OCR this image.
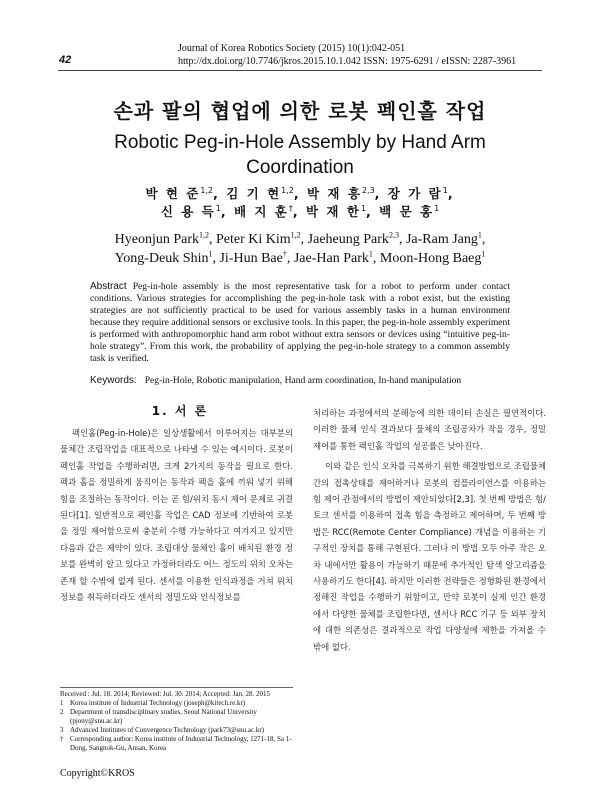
42
Journal of Korea Robotics Society (2015) 10(1):042-051
http://dx.doi.org/10.7746/jkros.2015.10.1.042 ISSN: 1975-6291 / eISSN: 2287-3961
손과 팔의 협업에 의한 로봇 펙인홀 작업
Robotic Peg-in-Hole Assembly by Hand Arm Coordination
박 현 준$^{1,2}$, 김 기 현$^{1,2}$, 박 재 흥$^{2,3}$, 장 가 람$^1$,
신 용 득$^1$, 배 지 훈†, 박 재 한$^1$, 백 문 홍$^1$
Hyeonjun Park$^{1,2}$, Peter Ki Kim$^{1,2}$, Jaeheung Park$^{2,3}$, Ja-Ram Jang$^1$,
Yong-Deuk Shin$^1$, Ji-Hun Bae†, Jae-Han Park$^1$, Moon-Hong Baeg$^1$
Abstract Peg-in-hole assembly is the most representative task for a robot to perform under contact conditions. Various strategies for accomplishing the peg-in-hole task with a robot exist, but the existing strategies are not sufficiently practical to be used for various assembly tasks in a human environment because they require additional sensors or exclusive tools. In this paper, the peg-in-hole assembly experiment is performed with anthropomorphic hand arm robot without extra sensors or devices using “intuitive peg-in-hole strategy”. From this work, the probability of applying the peg-in-hole strategy to a common assembly task is verified.
Keywords: Peg-in-Hole, Robotic manipulation, Hand arm coordination, In-hand manipulation
1. 서 론

펙인홀(Peg-in-Hole)은 일상생활에서 이루어지는 대부분의 물체간 조립작업을 대표적으로 나타낼 수 있는 예시이다. 로봇이 펙인홀 작업을 수행하려면, 크게 2가지의 동작을 필요로 한다. 펙과 홀을 정밀하게 움직이는 동작과 펙을 홀에 끼워 넣기 위해 힘을 조절하는 동작이다. 이는 곧 힘/위치 동시 제어 문제로 귀결된다[1]. 일반적으로 펙인홀 작업은 CAD 정보에 기반하여 로봇을 정밀 제어함으로써 충분히 수행 가능하다고 여겨지고 있지만 다음과 같은 제약이 있다. 조립대상 물체인 홀이 배치된 환경 정보를 완벽히 알고 있다고 가정하더라도 어느 정도의 위치 오차는 존재 할 수밖에 없게 된다. 센서를 이용한 인식과정을 거쳐 위치정보를 취득하더라도 센서의 정밀도와 인식정보를

처리하는 과정에서의 분해능에 의한 데이터 손실은 필연적이다. 이러한 물체 인식 결과보다 물체의 조립공차가 작을 경우, 정밀 제어를 통한 펙인홀 작업의 성공률은 낮아진다.

이와 같은 인식 오차를 극복하기 위한 해결방법으로 조립물체간의 접촉상태를 제어하거나 로봇의 컴플라이언스를 이용하는 힘 제어 관점에서의 방법이 제안되었다[2,3]. 첫 번째 방법은 힘/토크 센서를 이용하여 접촉 힘을 측정하고 제어하며, 두 번째 방법은 RCC(Remote Center Compliance) 개념을 이용하는 기구적인 장치를 통해 구현된다. 그러나 이 방법 모두 아주 작은 오차 내에서만 활용이 가능하기 때문에 추가적인 탐색 알고리즘을 사용하기도 한다[4]. 하지만 이러한 전략들은 정형화된 환경에서 정해진 작업을 수행하기 위함이고, 만약 로봇이 실제 인간 환경에서 다양한 물체를 조립한다면, 센서나 RCC 기구 등 외부 장치에 대한 의존성은 결과적으로 작업 다양성에 제한을 가져올 수 밖에 없다.

Received : Jul. 18. 2014; Reviewed: Jul. 30. 2014; Accepted: Jan. 28. 2015

1 Korea institute of Industrial Technology (joseph@kitech.re.kr)

2 Department of transdisciplinary studies, Seoul National University (pjony@snu.ac.kr)

3 Advanced Institutes of Convergence Technology (park73@snu.ac.kr)

† Corresponding author: Korea institute of Industrial Technology, 1271-18, Sa 1-Dong, Sangnok-Gu, Ansan, Korea

Copyright©KROS
